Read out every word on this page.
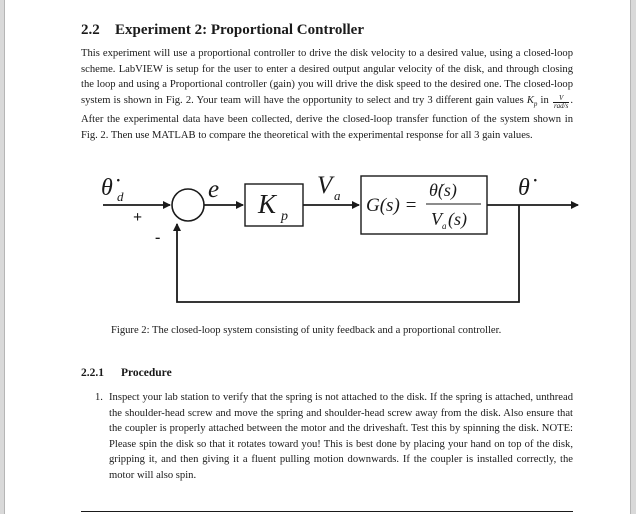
2.2 Experiment 2: Proportional Controller
This experiment will use a proportional controller to drive the disk velocity to a desired value, using a closed-loop scheme. LabVIEW is setup for the user to enter a desired output angular velocity of the disk, and through closing the loop and using a Proportional controller (gain) you will drive the disk speed to the desired one. The closed-loop system is shown in Fig. 2. Your team will have the opportunity to select and try 3 different gain values $K_p$ in $\frac{V}{\text{rad/s}}$ . After the experimental data have been collected, derive the closed-loop transfer function of the system shown in Fig. 2. Then use MATLAB to compare the theoretical with the experimental response for all 3 gain values.
θ̇ d
+
-
e K p
V a G(s) =
θ̇(s)
V a (s)
θ̇
Figure 2: The closed-loop system consisting of unity feedback and a proportional controller.
2.2.1 Procedure
1. Inspect your lab station to verify that the spring is not attached to the disk. If the spring is attached, unthread the shoulder-head screw and move the spring and shoulder-head screw away from the disk. Also ensure that the coupler is properly attached between the motor and the driveshaft. Test this by spinning the disk. NOTE: Please spin the disk so that it rotates toward you! This is best done by placing your hand on top of the disk, gripping it, and then giving it a fluent pulling motion downwards. If the coupler is installed correctly, the motor will also spin.
